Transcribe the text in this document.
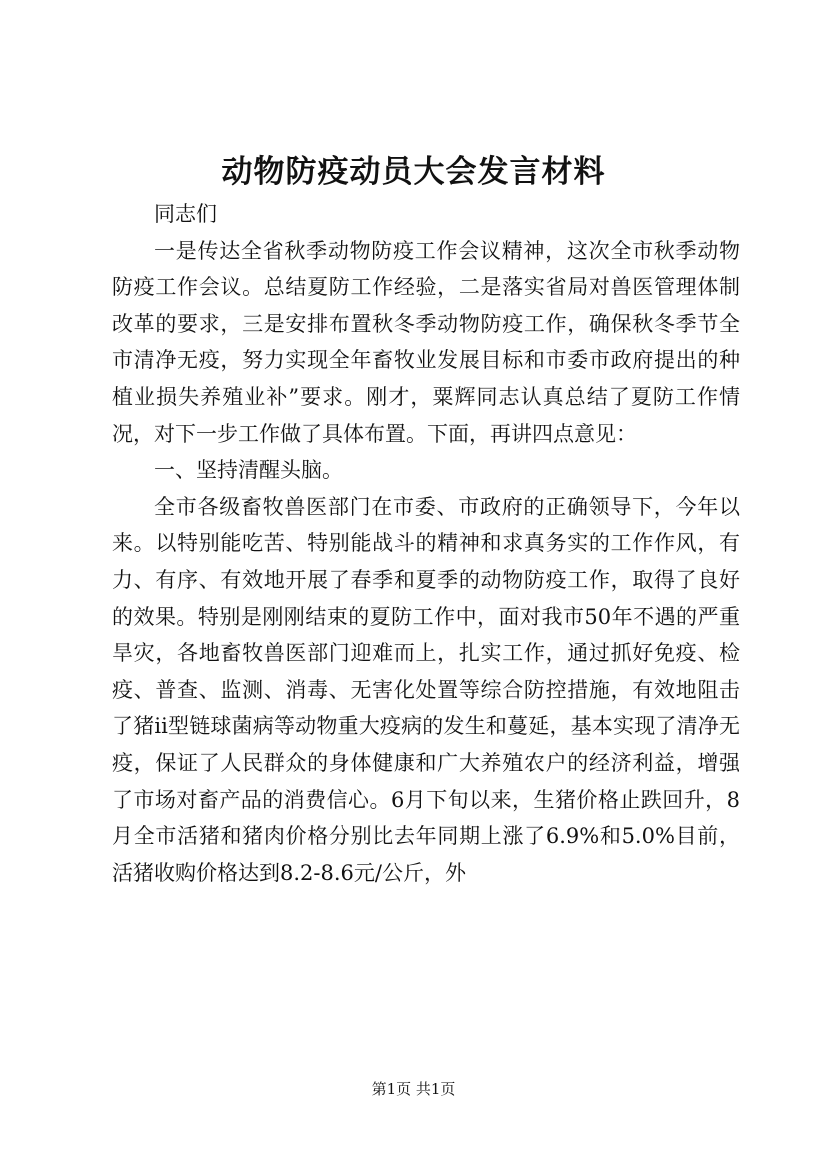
动物防疫动员大会发言材料

同志们

一是传达全省秋季动物防疫工作会议精神，这次全市秋季动物防疫工作会议。总结夏防工作经验，二是落实省局对兽医管理体制改革的要求，三是安排布置秋冬季动物防疫工作，确保秋冬季节全市清净无疫，努力实现全年畜牧业发展目标和市委市政府提出的种植业损失养殖业补”要求。刚才，粟辉同志认真总结了夏防工作情况，对下一步工作做了具体布置。下面，再讲四点意见：

一、坚持清醒头脑。

全市各级畜牧兽医部门在市委、市政府的正确领导下，今年以来。以特别能吃苦、特别能战斗的精神和求真务实的工作作风，有力、有序、有效地开展了春季和夏季的动物防疫工作，取得了良好的效果。特别是刚刚结束的夏防工作中，面对我市50年不遇的严重旱灾，各地畜牧兽医部门迎难而上，扎实工作，通过抓好免疫、检疫、普查、监测、消毒、无害化处置等综合防控措施，有效地阻击了猪ii型链球菌病等动物重大疫病的发生和蔓延，基本实现了清净无疫，保证了人民群众的身体健康和广大养殖农户的经济利益，增强了市场对畜产品的消费信心。6月下旬以来，生猪价格止跌回升，8月全市活猪和猪肉价格分别比去年同期上涨了6.9%和5.0%目前，活猪收购价格达到8.2-8.6元/公斤，外

第1页 共1页
